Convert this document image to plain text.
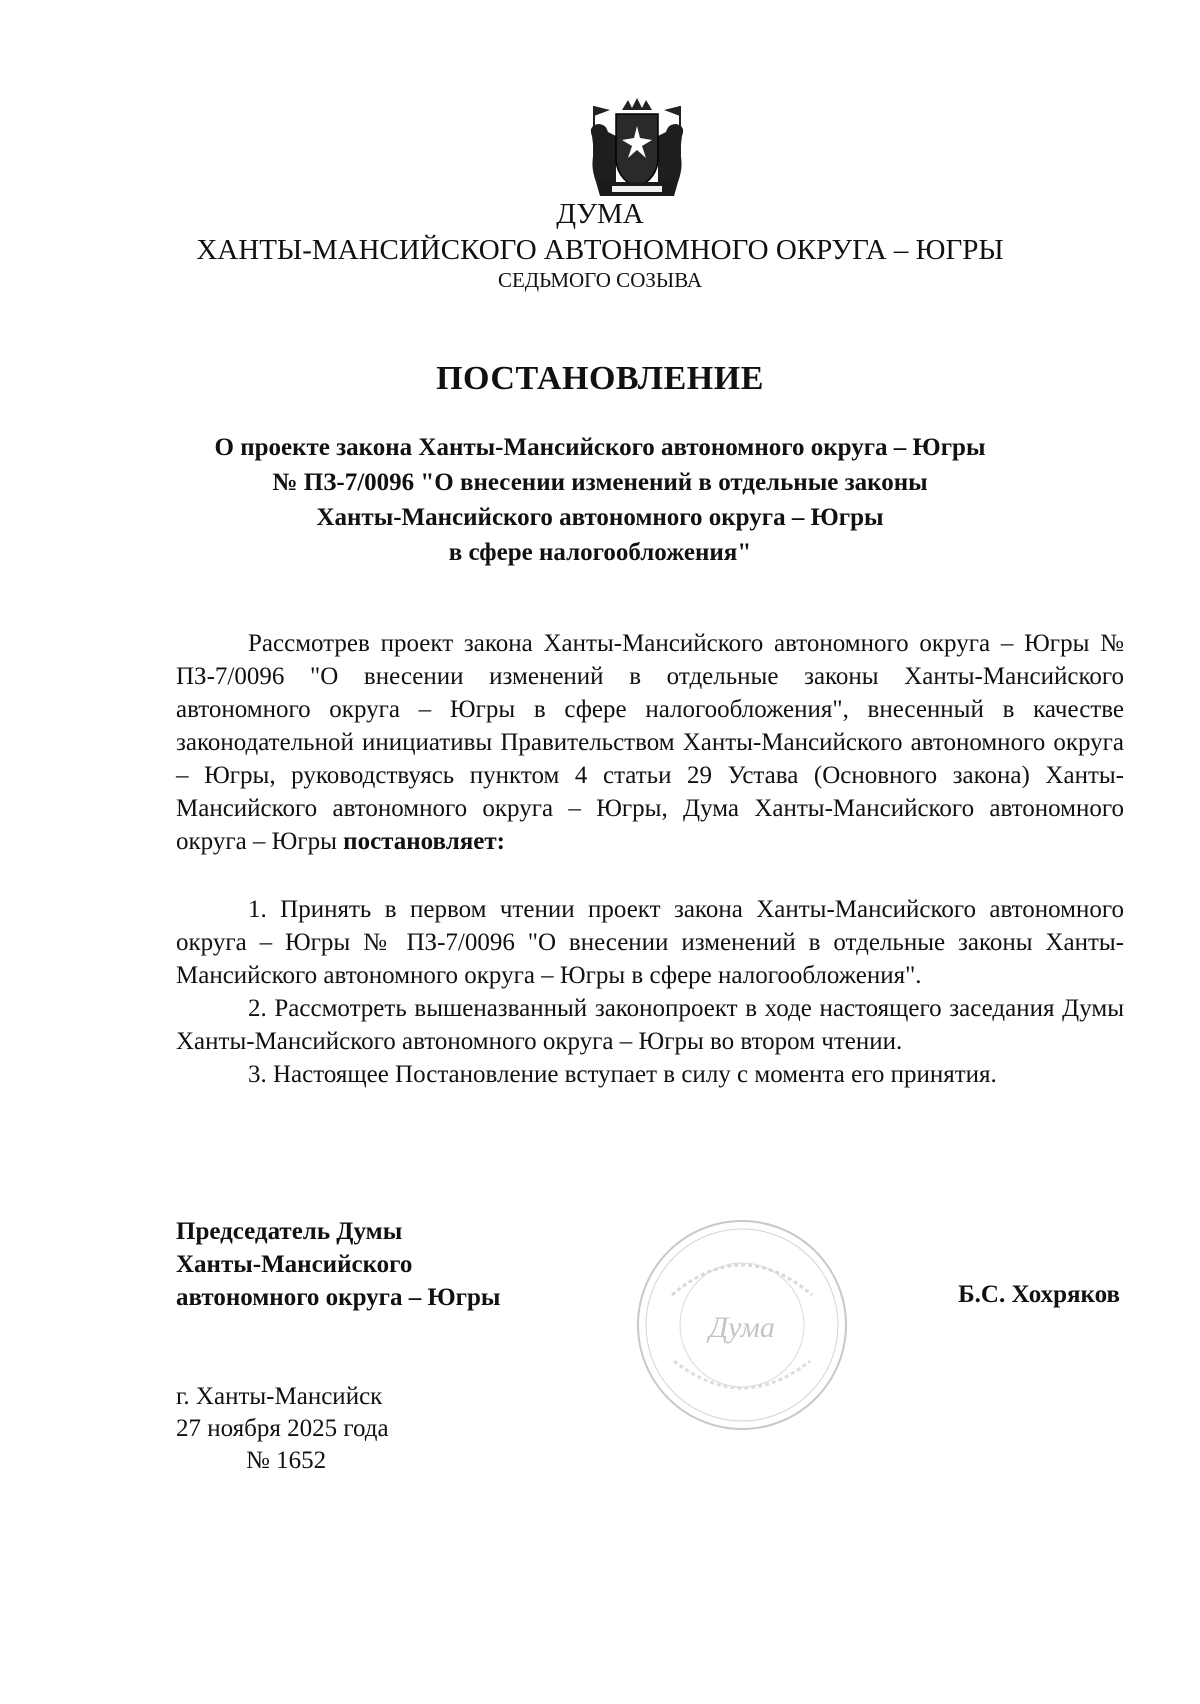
ДУМА
ХАНТЫ-МАНСИЙСКОГО АВТОНОМНОГО ОКРУГА – ЮГРЫ
СЕДЬМОГО СОЗЫВА
ПОСТАНОВЛЕНИЕ
О проекте закона Ханты-Мансийского автономного округа – Югры
№ ПЗ-7/0096 "О внесении изменений в отдельные законы
Ханты-Мансийского автономного округа – Югры
в сфере налогообложения"
Рассмотрев проект закона Ханты-Мансийского автономного округа – Югры № ПЗ-7/0096 "О внесении изменений в отдельные законы Ханты-Мансийского автономного округа – Югры в сфере налогообложения", внесенный в качестве законодательной инициативы Правительством Ханты-Мансийского автономного округа – Югры, руководствуясь пунктом 4 статьи 29 Устава (Основного закона) Ханты-Мансийского автономного округа – Югры, Дума Ханты-Мансийского автономного округа – Югры постановляет:

1. Принять в первом чтении проект закона Ханты-Мансийского автономного округа – Югры № ПЗ-7/0096 "О внесении изменений в отдельные законы Ханты-Мансийского автономного округа – Югры в сфере налогообложения".

2. Рассмотреть вышеназванный законопроект в ходе настоящего заседания Думы Ханты-Мансийского автономного округа – Югры во втором чтении.

3. Настоящее Постановление вступает в силу с момента его принятия.

Дума
Председатель Думы
Ханты-Мансийского
автономного округа – Югры	Б.С. Хохряков
г. Ханты-Мансийск
27 ноября 2025 года
№ 1652
